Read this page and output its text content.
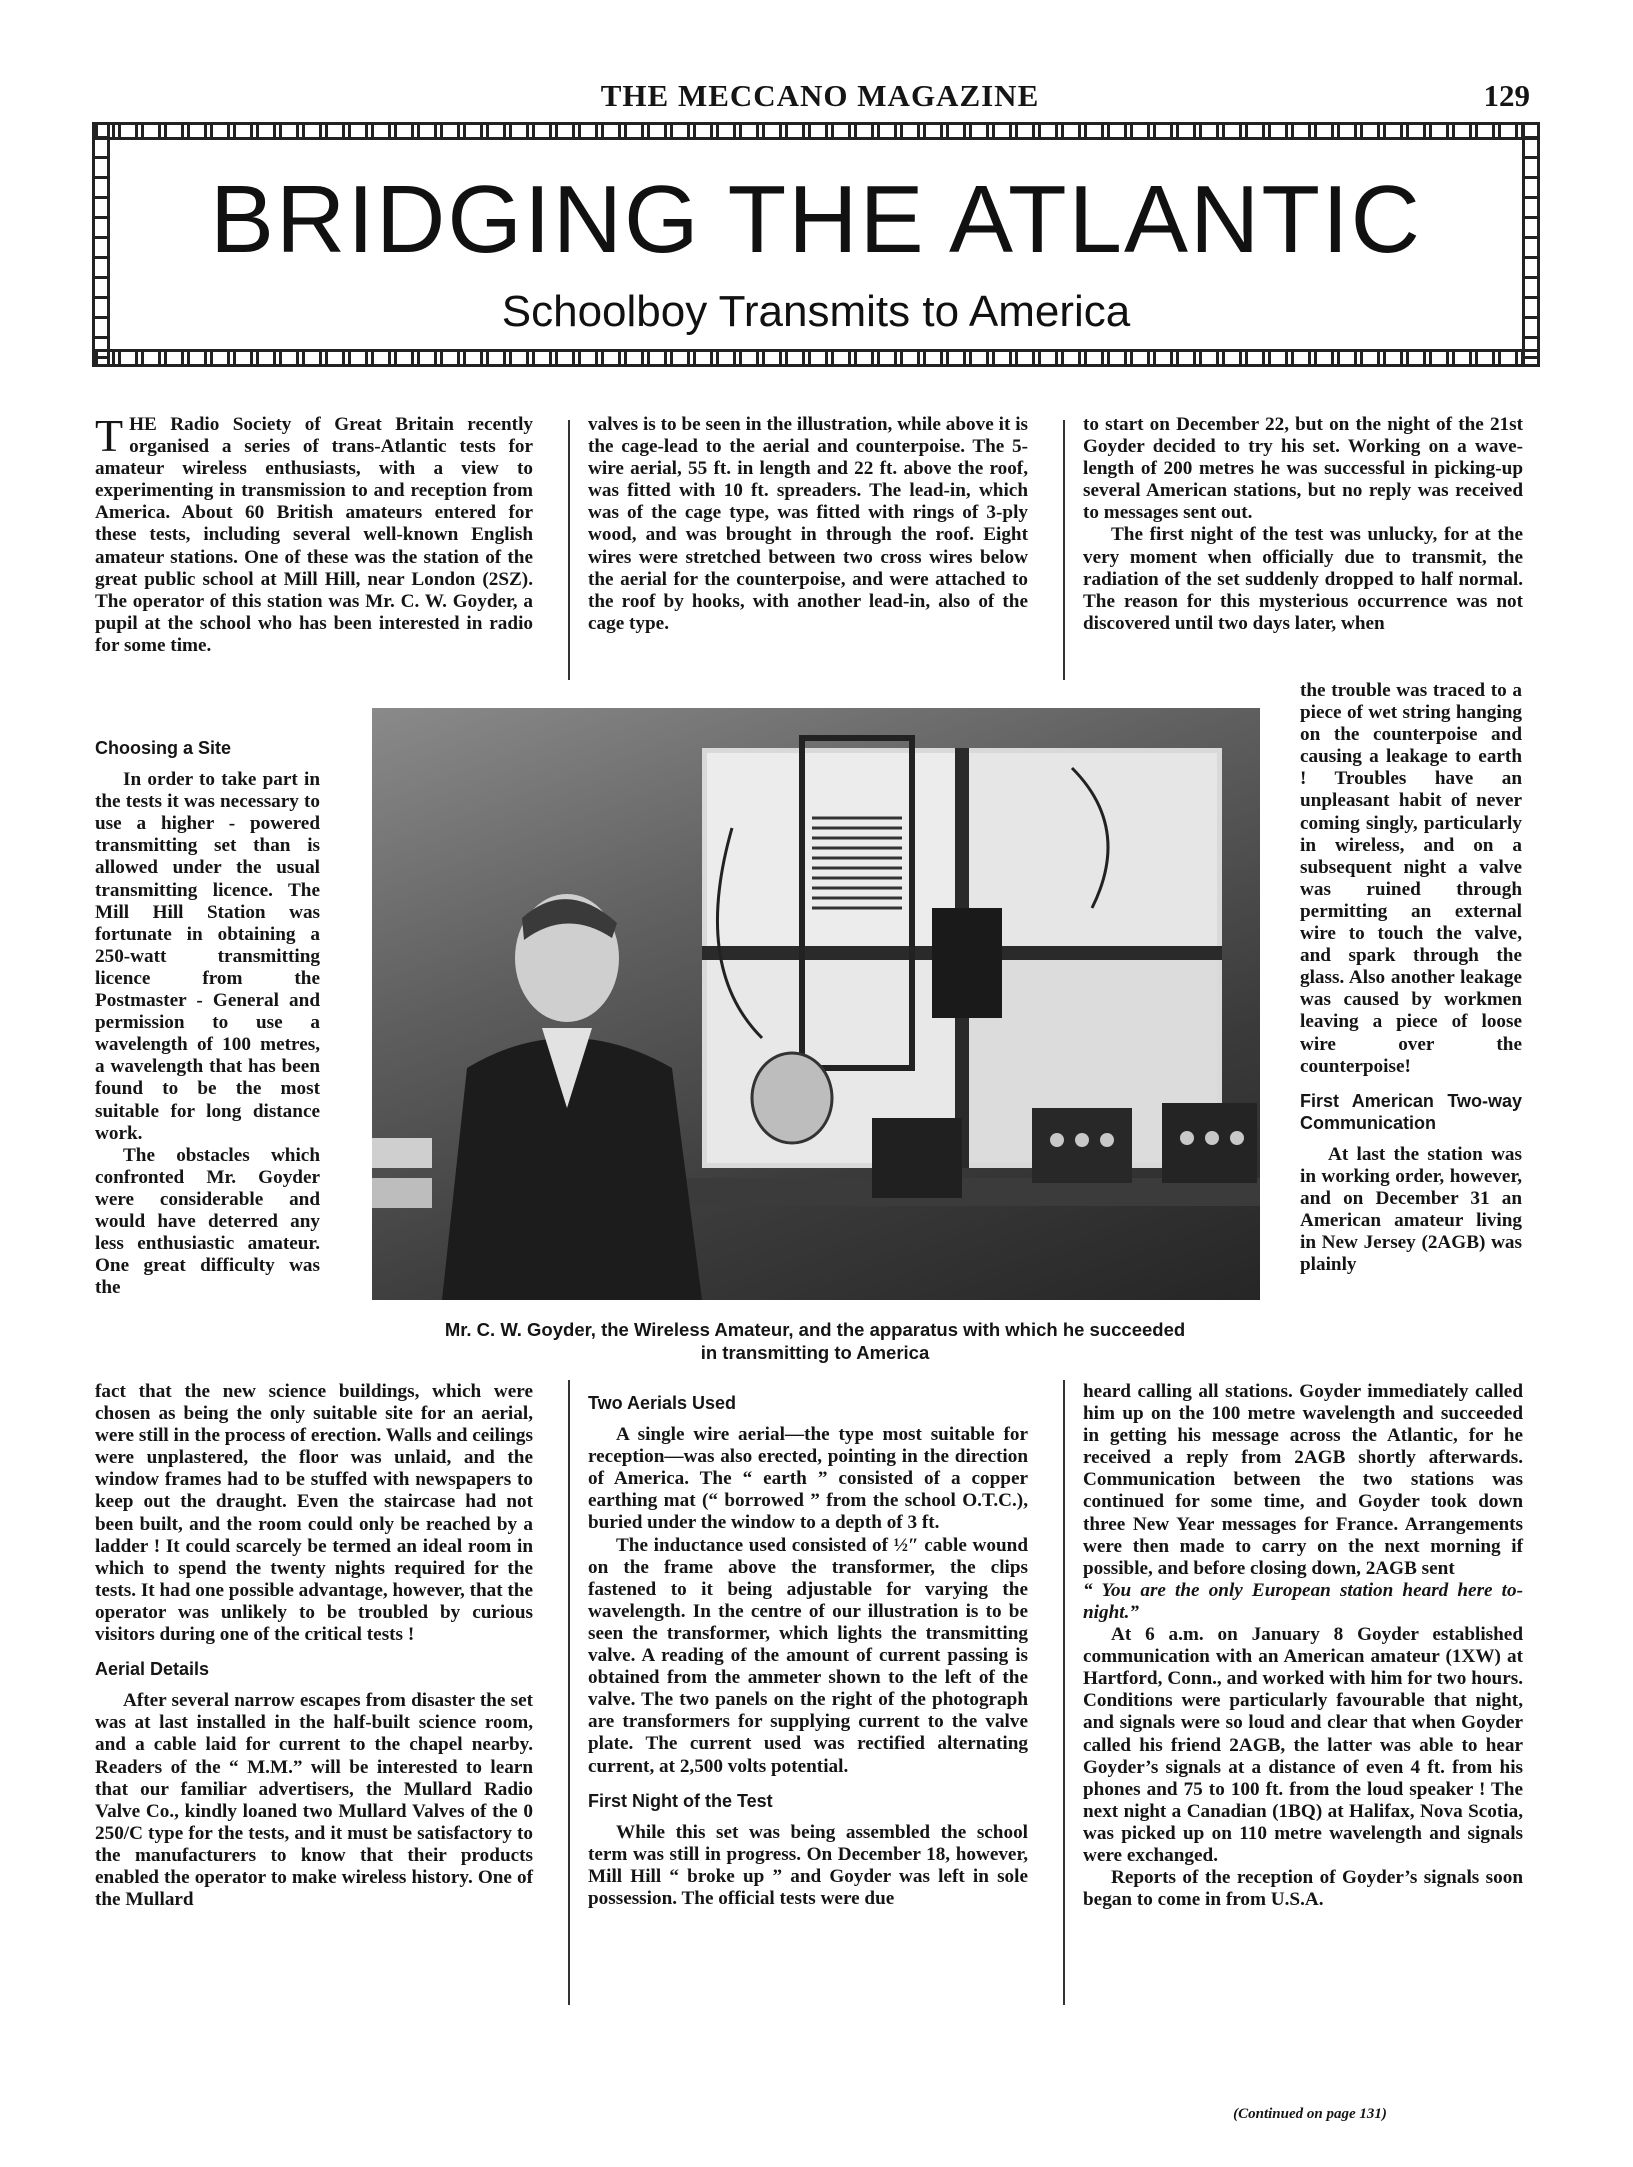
THE MECCANO MAGAZINE	129
BRIDGING THE ATLANTIC
Schoolboy Transmits to America

THE Radio Society of Great Britain recently organised a series of trans-Atlantic tests for amateur wireless enthusiasts, with a view to experimenting in transmission to and reception from America. About 60 British amateurs entered for these tests, including several well-known English amateur stations. One of these was the station of the great public school at Mill Hill, near London (2SZ). The operator of this station was Mr. C. W. Goyder, a pupil at the school who has been interested in radio for some time.

Choosing a Site

In order to take part in the tests it was necessary to use a higher - powered transmitting set than is allowed under the usual transmitting licence. The Mill Hill Station was fortunate in obtaining a 250-watt transmitting licence from the Postmaster - General and permission to use a wavelength of 100 metres, a wavelength that has been found to be the most suitable for long distance work.

The obstacles which confronted Mr. Goyder were considerable and would have deterred any less enthusiastic amateur. One great difficulty was the

fact that the new science buildings, which were chosen as being the only suitable site for an aerial, were still in the process of erection. Walls and ceilings were unplastered, the floor was unlaid, and the window frames had to be stuffed with newspapers to keep out the draught. Even the staircase had not been built, and the room could only be reached by a ladder ! It could scarcely be termed an ideal room in which to spend the twenty nights required for the tests. It had one possible advantage, however, that the operator was unlikely to be troubled by curious visitors during one of the critical tests !

Aerial Details

After several narrow escapes from disaster the set was at last installed in the half-built science room, and a cable laid for current to the chapel nearby. Readers of the “ M.M.” will be interested to learn that our familiar advertisers, the Mullard Radio Valve Co., kindly loaned two Mullard Valves of the 0 250/C type for the tests, and it must be satisfactory to the manufacturers to know that their products enabled the operator to make wireless history. One of the Mullard

valves is to be seen in the illustration, while above it is the cage-lead to the aerial and counterpoise. The 5-wire aerial, 55 ft. in length and 22 ft. above the roof, was fitted with 10 ft. spreaders. The lead-in, which was of the cage type, was fitted with rings of 3-ply wood, and was brought in through the roof. Eight wires were stretched between two cross wires below the aerial for the counterpoise, and were attached to the roof by hooks, with another lead-in, also of the cage type.

Two Aerials Used

A single wire aerial—the type most suitable for reception—was also erected, pointing in the direction of America. The “ earth ” consisted of a copper earthing mat (“ borrowed ” from the school O.T.C.), buried under the window to a depth of 3 ft.

The inductance used consisted of ½″ cable wound on the frame above the transformer, the clips fastened to it being adjustable for varying the wavelength. In the centre of our illustration is to be seen the transformer, which lights the transmitting valve. A reading of the amount of current passing is obtained from the ammeter shown to the left of the valve. The two panels on the right of the photograph are transformers for supplying current to the valve plate. The current used was rectified alternating current, at 2,500 volts potential.

First Night of the Test

While this set was being assembled the school term was still in progress. On December 18, however, Mill Hill “ broke up ” and Goyder was left in sole possession. The official tests were due

to start on December 22, but on the night of the 21st Goyder decided to try his set. Working on a wave-length of 200 metres he was successful in picking-up several American stations, but no reply was received to messages sent out.

The first night of the test was unlucky, for at the very moment when officially due to transmit, the radiation of the set suddenly dropped to half normal. The reason for this mysterious occurrence was not discovered until two days later, when

the trouble was traced to a piece of wet string hanging on the counterpoise and causing a leakage to earth ! Troubles have an unpleasant habit of never coming singly, particularly in wireless, and on a subsequent night a valve was ruined through permitting an external wire to touch the valve, and spark through the glass. Also another leakage was caused by workmen leaving a piece of loose wire over the counterpoise!

First American Two-way Communication

At last the station was in working order, however, and on December 31 an American amateur living in New Jersey (2AGB) was plainly

heard calling all stations. Goyder immediately called him up on the 100 metre wavelength and succeeded in getting his message across the Atlantic, for he received a reply from 2AGB shortly afterwards. Communication between the two stations was continued for some time, and Goyder took down three New Year messages for France. Arrangements were then made to carry on the next morning if possible, and before closing down, 2AGB sent

“ You are the only European station heard here to-night.”

At 6 a.m. on January 8 Goyder established communication with an American amateur (1XW) at Hartford, Conn., and worked with him for two hours. Conditions were particularly favourable that night, and signals were so loud and clear that when Goyder called his friend 2AGB, the latter was able to hear Goyder’s signals at a distance of even 4 ft. from his phones and 75 to 100 ft. from the loud speaker ! The next night a Canadian (1BQ) at Halifax, Nova Scotia, was picked up on 110 metre wavelength and signals were exchanged.

Reports of the reception of Goyder’s signals soon began to come in from U.S.A.

Mr. C. W. Goyder, the Wireless Amateur, and the apparatus with which he succeeded
in transmitting to America
(Continued on page 131)
